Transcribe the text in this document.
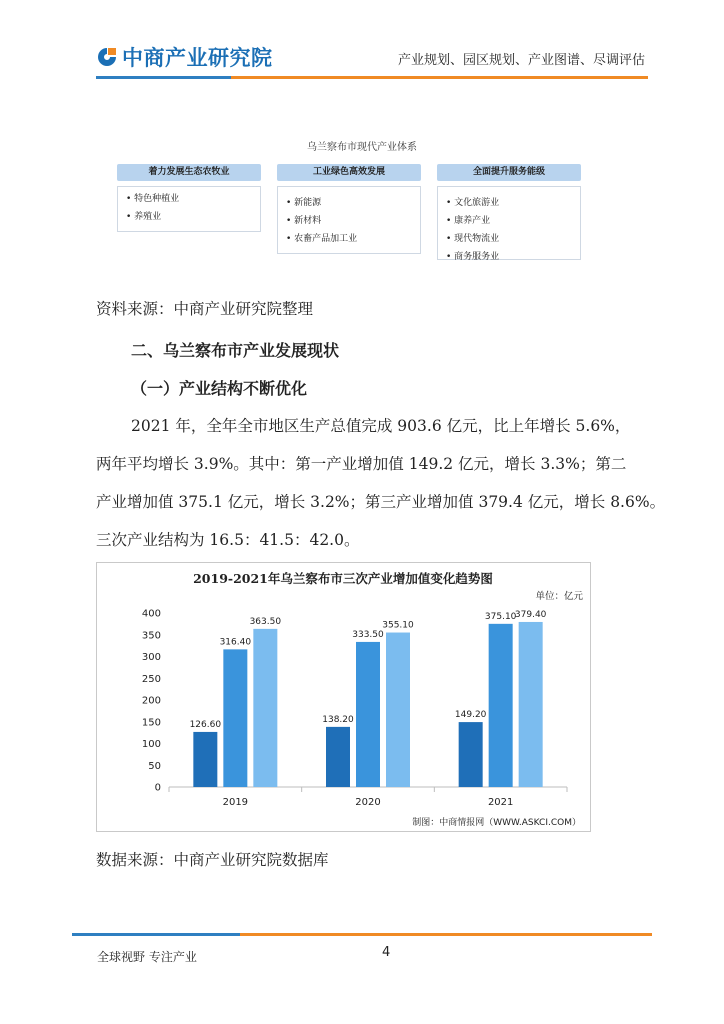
中商产业研究院	产业规划、园区规划、产业图谱、尽调评估
乌兰察布市现代产业体系
着力发展生态农牧业
• 特色种植业
• 养殖业
工业绿色高效发展
• 新能源
• 新材料
• 农畜产品加工业
全面提升服务能级
• 文化旅游业
• 康养产业
• 现代物流业
• 商务服务业
资料来源：中商产业研究院整理
二、乌兰察布市产业发展现状
（一）产业结构不断优化
2021 年，全年全市地区生产总值完成 903.6 亿元，比上年增长 5.6%，
两年平均增长 3.9%。其中：第一产业增加值 149.2 亿元，增长 3.3%；第二
产业增加值 375.1 亿元，增长 3.2%；第三产业增加值 379.4 亿元，增长 8.6%。
三次产业结构为 16.5：41.5：42.0。
2019-2021年乌兰察布市三次产业增加值变化趋势图
单位：亿元
0
50
100
150
200
250
300
350
400
2019	2020	2021
126.60
316.40
363.50
138.20
333.50
355.10
149.20
375.10
379.40
制图：中商情报网（WWW.ASKCI.COM）
数据来源：中商产业研究院数据库
全球视野 专注产业	4
